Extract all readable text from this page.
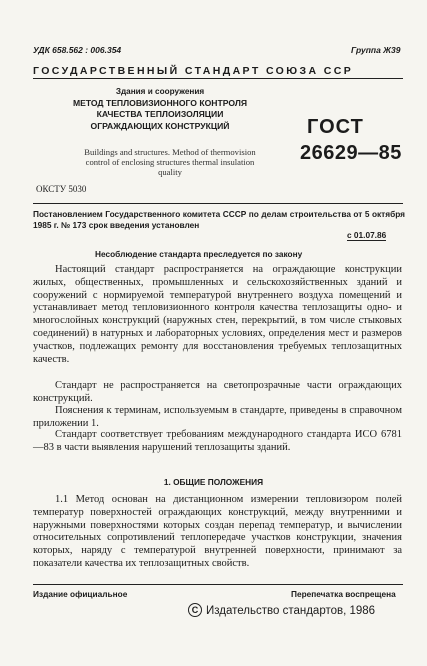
УДК 658.562 : 006.354	Группа Ж39
ГОСУДАРСТВЕННЫЙ СТАНДАРТ СОЮЗА ССР
Здания и сооружения
МЕТОД ТЕПЛОВИЗИОННОГО КОНТРОЛЯ
КАЧЕСТВА ТЕПЛОИЗОЛЯЦИИ
ОГРАЖДАЮЩИХ КОНСТРУКЦИЙ
Buildings and structures. Method of thermovision
control of enclosing structures thermal insulation
quality
ГОСТ
26629—85
ОКСТУ 5030
Постановлением Государственного комитета СССР по делам строительства от 5 октября 1985 г. № 173 срок введения установлен
с 01.07.86
Несоблюдение стандарта преследуется по закону
Настоящий стандарт распространяется на ограждающие конструкции жилых, общественных, промышленных и сельскохозяйственных зданий и сооружений с нормируемой температурой внутреннего воздуха помещений и устанавливает метод тепловизионного контроля качества теплозащиты одно- и многослойных конструкций (наружных стен, перекрытий, в том числе стыковых соединений) в натурных и лабораторных условиях, определения мест и размеров участков, подлежащих ремонту для восстановления требуемых теплозащитных качеств.
Стандарт не распространяется на светопрозрачные части ограждающих конструкций.
Пояснения к терминам, используемым в стандарте, приведены в справочном приложении 1.
Стандарт соответствует требованиям международного стандарта ИСО 6781—83 в части выявления нарушений теплозащиты зданий.
1. ОБЩИЕ ПОЛОЖЕНИЯ
1.1 Метод основан на дистанционном измерении тепловизором полей температур поверхностей ограждающих конструкций, между внутренними и наружными поверхностями которых создан перепад температур, и вычислении относительных сопротивлений теплопередаче участков конструкции, значения которых, наряду с температурой внутренней поверхности, принимают за показатели качества их теплозащитных свойств.
Издание официальное	Перепечатка воспрещена
C Издательство стандартов, 1986
